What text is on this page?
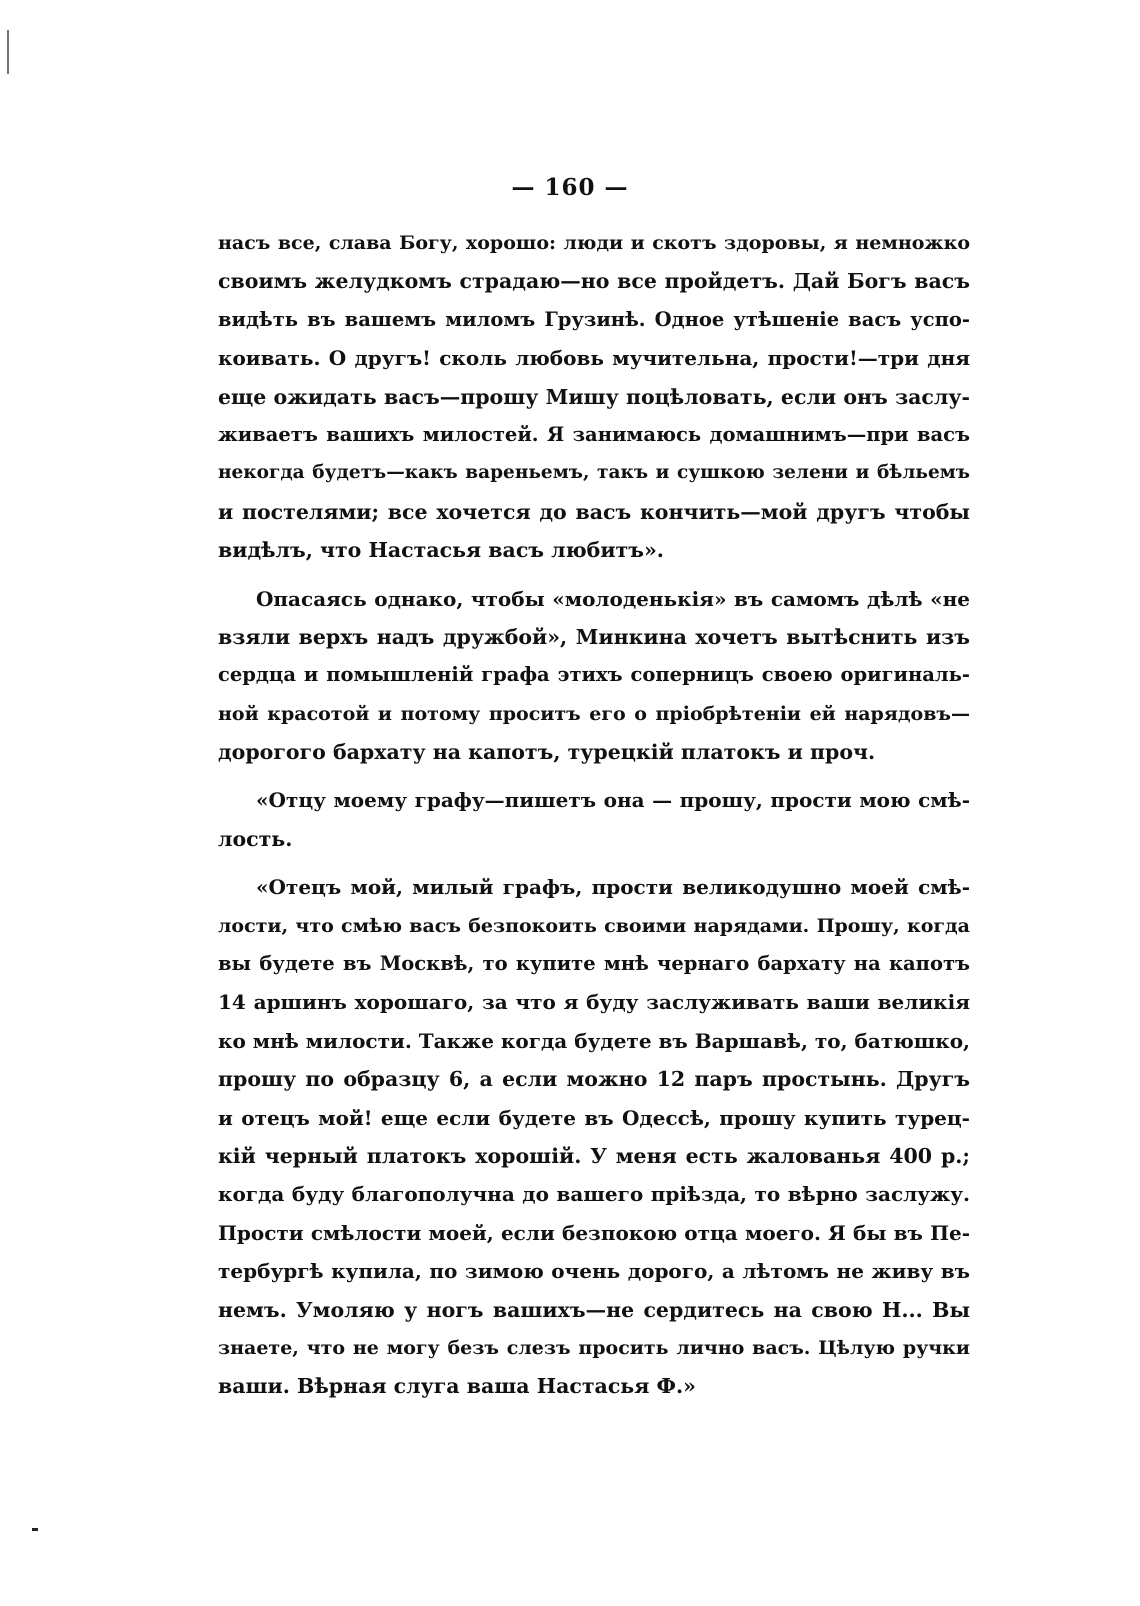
— 160 —
насъ все, слава Богу, хорошо: люди и скотъ здоровы, я немножко
своимъ желудкомъ страдаю—но все пройдетъ. Дай Богъ васъ
видѣть въ вашемъ миломъ Грузинѣ. Одное утѣшеніе васъ успо-
коивать. О другъ! сколь любовь мучительна, прости!—три дня
еще ожидать васъ—прошу Мишу поцѣловать, если онъ заслу-
живаетъ вашихъ милостей. Я занимаюсь домашнимъ—при васъ
некогда будетъ—какъ вареньемъ, такъ и сушкою зелени и бѣльемъ
и постелями; все хочется до васъ кончить—мой другъ чтобы
видѣлъ, что Настасья васъ любитъ».
Опасаясь однако, чтобы «молоденькія» въ самомъ дѣлѣ «не
взяли верхъ надъ дружбой», Минкина хочетъ вытѣснить изъ
сердца и помышленій графа этихъ соперницъ своею оригиналь-
ной красотой и потому проситъ его о пріобрѣтеніи ей нарядовъ—
дорогого бархату на капотъ, турецкій платокъ и проч.
«Отцу моему графу—пишетъ она — прошу, прости мою смѣ-
лость.
«Отецъ мой, милый графъ, прости великодушно моей смѣ-
лости, что смѣю васъ безпокоить своими нарядами. Прошу, когда
вы будете въ Москвѣ, то купите мнѣ чернаго бархату на капотъ
14 аршинъ хорошаго, за что я буду заслуживать ваши великія
ко мнѣ милости. Также когда будете въ Варшавѣ, то, батюшко,
прошу по образцу 6, а если можно 12 паръ простынь. Другъ
и отецъ мой! еще если будете въ Одессѣ, прошу купить турец-
кій черный платокъ хорошій. У меня есть жалованья 400 р.;
когда буду благополучна до вашего пріѣзда, то вѣрно заслужу.
Прости смѣлости моей, если безпокою отца моего. Я бы въ Пе-
тербургѣ купила, по зимою очень дорого, а лѣтомъ не живу въ
немъ. Умоляю у ногъ вашихъ—не сердитесь на свою Н... Вы
знаете, что не могу безъ слезъ просить лично васъ. Цѣлую ручки
ваши. Вѣрная слуга ваша Настасья Ф.»
